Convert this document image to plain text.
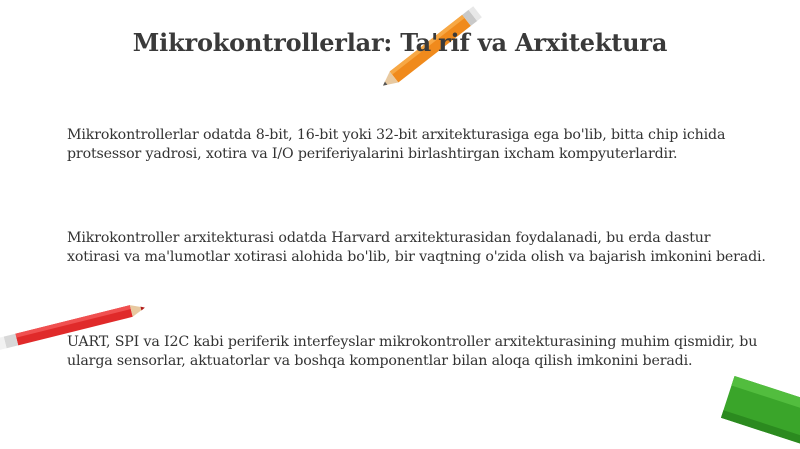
Mikrokontrollerlar: Ta'rif va Arxitektura
Mikrokontrollerlar odatda 8-bit, 16-bit yoki 32-bit arxitekturasiga ega bo'lib, bitta chip ichida protsessor yadrosi, xotira va I/O periferiyalarini birlashtirgan ixcham kompyuterlardir.
Mikrokontroller arxitekturasi odatda Harvard arxitekturasidan foydalanadi, bu erda dastur xotirasi va ma'lumotlar xotirasi alohida bo'lib, bir vaqtning o'zida olish va bajarish imkonini beradi.
UART, SPI va I2C kabi periferik interfeyslar mikrokontroller arxitekturasining muhim qismidir, bu ularga sensorlar, aktuatorlar va boshqa komponentlar bilan aloqa qilish imkonini beradi.
